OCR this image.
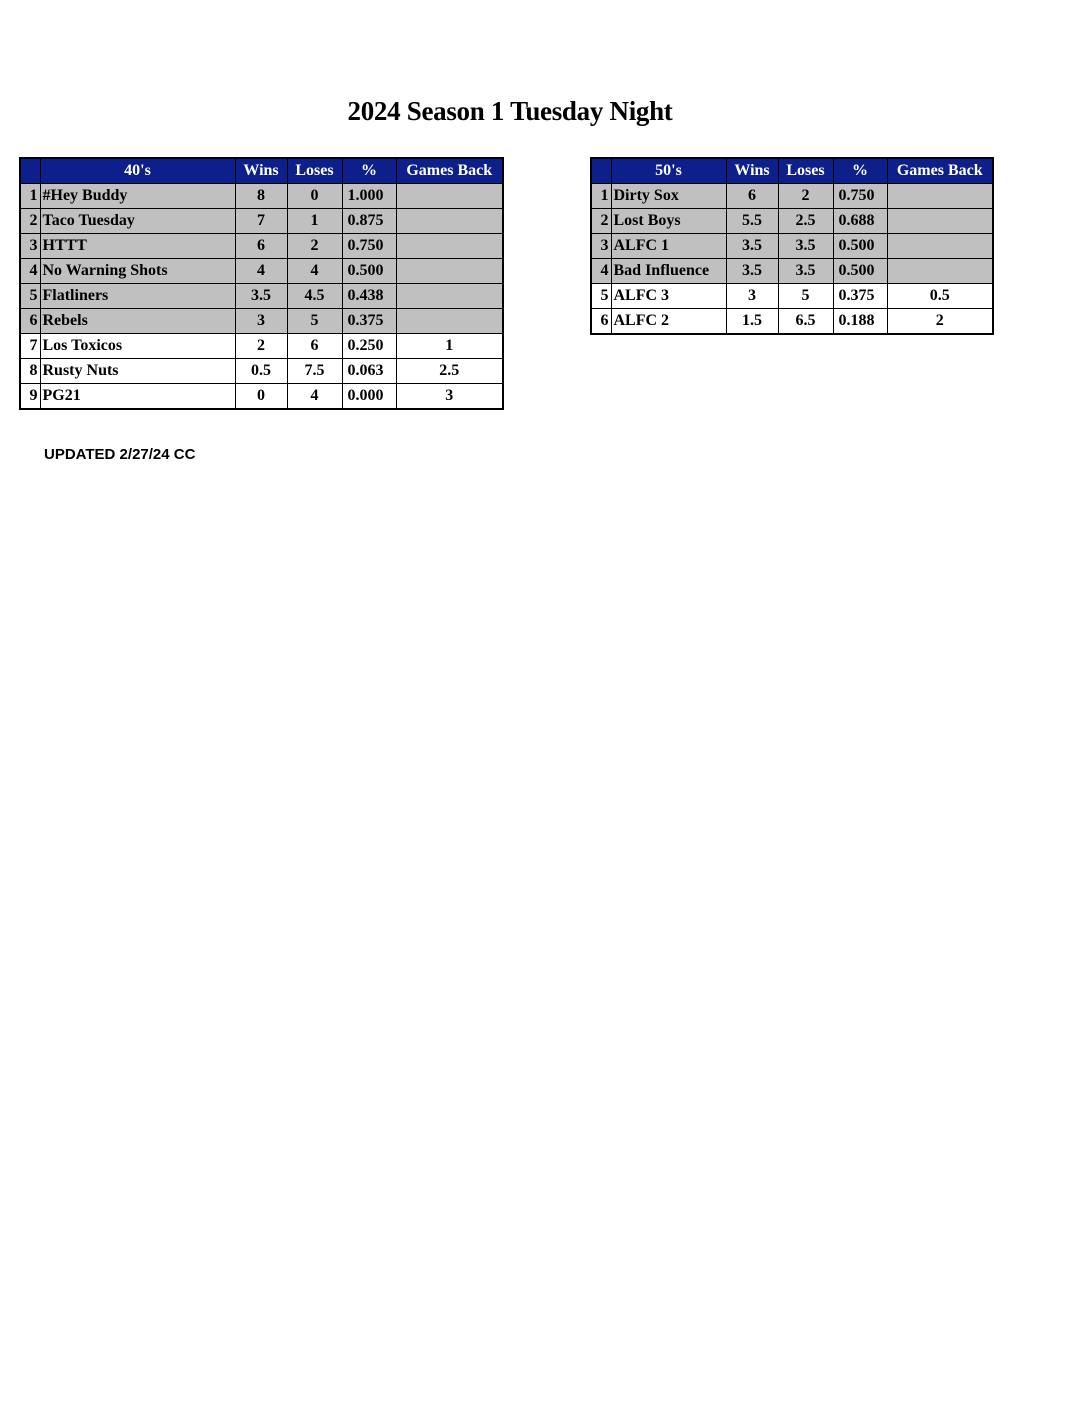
2024 Season 1 Tuesday Night
	40's	Wins	Loses	%	Games Back
1	#Hey Buddy	8	0	1.000	
2	Taco Tuesday	7	1	0.875	
3	HTTT	6	2	0.750	
4	No Warning Shots	4	4	0.500	
5	Flatliners	3.5	4.5	0.438	
6	Rebels	3	5	0.375	
7	Los Toxicos	2	6	0.250	1
8	Rusty Nuts	0.5	7.5	0.063	2.5
9	PG21	0	4	0.000	3
	50's	Wins	Loses	%	Games Back
1	Dirty Sox	6	2	0.750	
2	Lost Boys	5.5	2.5	0.688	
3	ALFC 1	3.5	3.5	0.500	
4	Bad Influence	3.5	3.5	0.500	
5	ALFC 3	3	5	0.375	0.5
6	ALFC 2	1.5	6.5	0.188	2
UPDATED 2/27/24 CC
